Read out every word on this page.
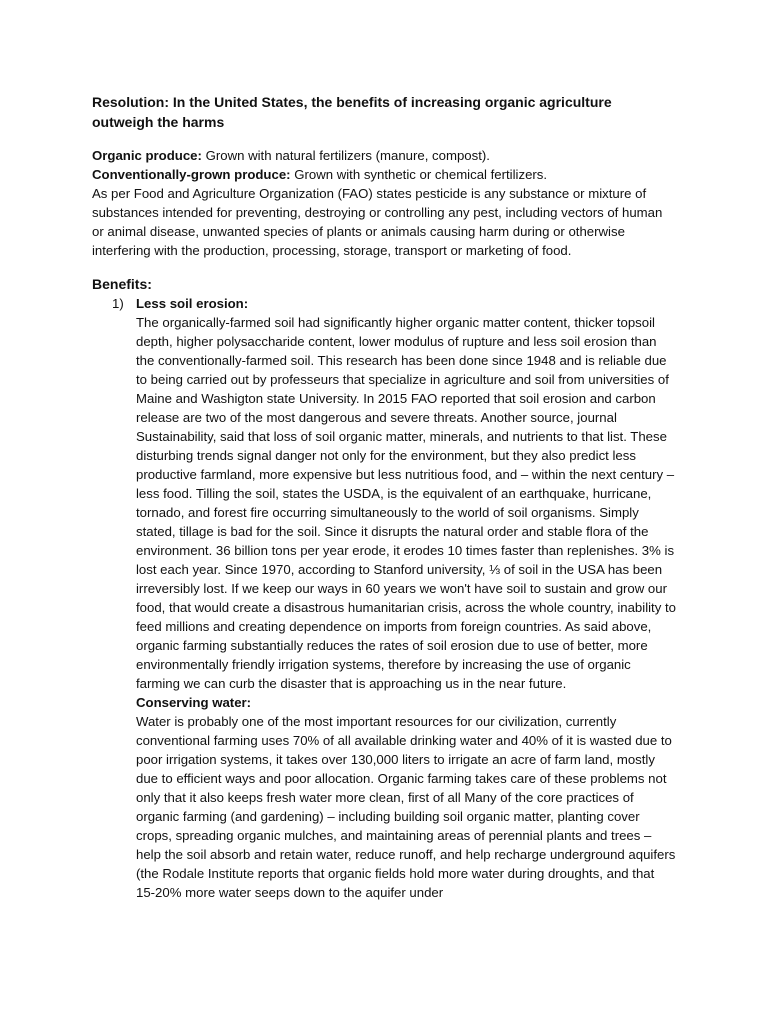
Resolution: In the United States, the benefits of increasing organic agriculture outweigh the harms

Organic produce: Grown with natural fertilizers (manure, compost).

Conventionally-grown produce: Grown with synthetic or chemical fertilizers.

As per Food and Agriculture Organization (FAO) states pesticide is any substance or mixture of substances intended for preventing, destroying or controlling any pest, including vectors of human or animal disease, unwanted species of plants or animals causing harm during or otherwise interfering with the production, processing, storage, transport or marketing of food.

Benefits:

1) Less soil erosion:

The organically-farmed soil had significantly higher organic matter content, thicker topsoil depth, higher polysaccharide content, lower modulus of rupture and less soil erosion than the conventionally-farmed soil. This research has been done since 1948 and is reliable due to being carried out by professeurs that specialize in agriculture and soil from universities of Maine and Washigton state University. In 2015 FAO reported that soil erosion and carbon release are two of the most dangerous and severe threats. Another source, journal Sustainability, said that loss of soil organic matter, minerals, and nutrients to that list. These disturbing trends signal danger not only for the environment, but they also predict less productive farmland, more expensive but less nutritious food, and – within the next century – less food. Tilling the soil, states the USDA, is the equivalent of an earthquake, hurricane, tornado, and forest fire occurring simultaneously to the world of soil organisms. Simply stated, tillage is bad for the soil. Since it disrupts the natural order and stable flora of the environment. 36 billion tons per year erode, it erodes 10 times faster than replenishes. 3% is lost each year. Since 1970, according to Stanford university, ⅓ of soil in the USA has been irreversibly lost. If we keep our ways in 60 years we won't have soil to sustain and grow our food, that would create a disastrous humanitarian crisis, across the whole country, inability to feed millions and creating dependence on imports from foreign countries. As said above, organic farming substantially reduces the rates of soil erosion due to use of better, more environmentally friendly irrigation systems, therefore by increasing the use of organic farming we can curb the disaster that is approaching us in the near future.

Conserving water:

Water is probably one of the most important resources for our civilization, currently conventional farming uses 70% of all available drinking water and 40% of it is wasted due to poor irrigation systems, it takes over 130,000 liters to irrigate an acre of farm land, mostly due to efficient ways and poor allocation. Organic farming takes care of these problems not only that it also keeps fresh water more clean, first of all Many of the core practices of organic farming (and gardening) – including building soil organic matter, planting cover crops, spreading organic mulches, and maintaining areas of perennial plants and trees – help the soil absorb and retain water, reduce runoff, and help recharge underground aquifers (the Rodale Institute reports that organic fields hold more water during droughts, and that 15-20% more water seeps down to the aquifer under
